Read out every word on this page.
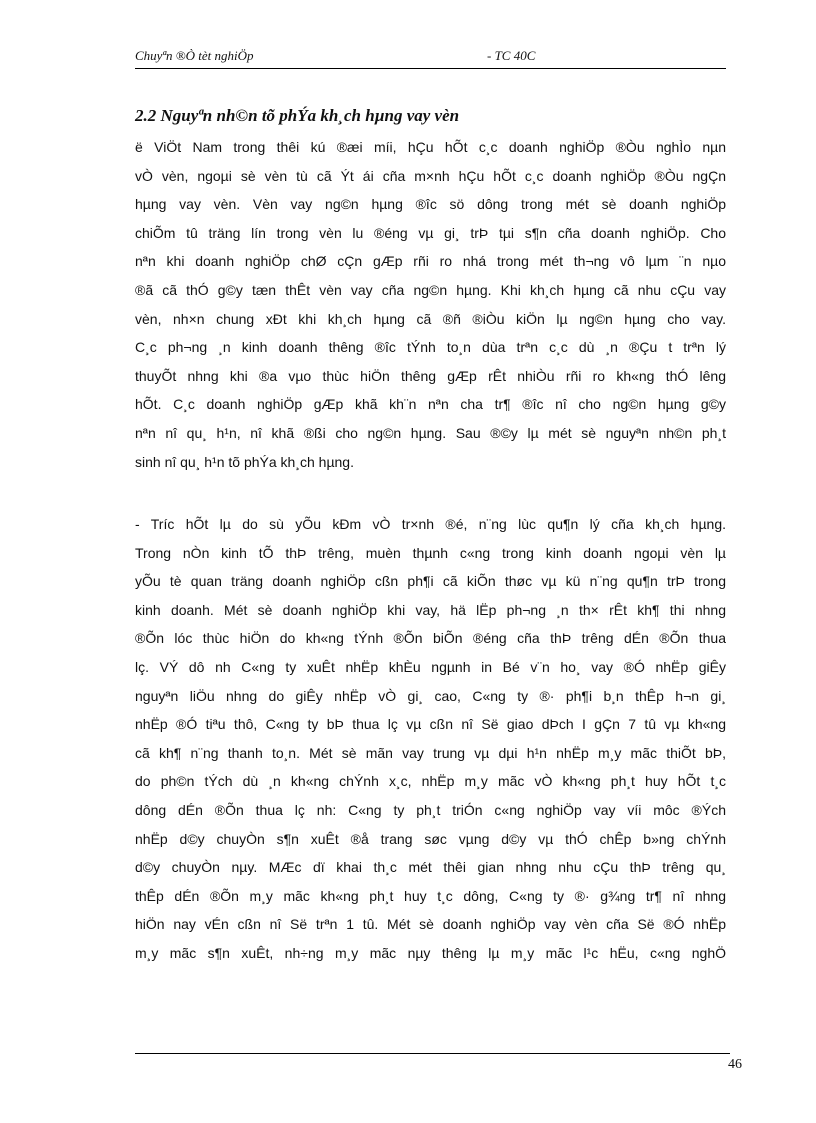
Chuyªn ®Ò tèt nghiÖp	- TC 40C
2.2 Nguyªn nh©n tõ phÝa kh¸ch hµng vay vèn

ë ViÖt Nam trong thêi kú ®æi míi, hÇu hÕt c¸c doanh nghiÖp ®Òu nghÌo nµn
vÒ vèn, ngoµi sè vèn tù cã Ýt ái cña m×nh hÇu hÕt c¸c doanh nghiÖp ®Òu ngÇn
hµng vay vèn. Vèn vay ng©n hµng ®îc sö dông trong mét sè doanh nghiÖp
chiÕm tû träng lín trong vèn lu ®éng vµ gi¸ trÞ tµi s¶n cña doanh nghiÖp. Cho
nªn khi doanh nghiÖp chØ cÇn gÆp rñi ro nhá trong mét th¬ng vô lµm ¨n nµo
®ã cã thÓ g©y tæn thÊt vèn vay cña ng©n hµng. Khi kh¸ch hµng cã nhu cÇu vay
vèn, nh×n chung xÐt khi kh¸ch hµng cã ®ñ ®iÒu kiÖn lµ ng©n hµng cho vay.
C¸c ph¬ng ¸n kinh doanh thêng ®îc tÝnh to¸n dùa trªn c¸c dù ¸n ®Çu t trªn lý
thuyÕt nhng khi ®a vµo thùc hiÖn thêng gÆp rÊt nhiÒu rñi ro kh«ng thÓ lêng
hÕt. C¸c doanh nghiÖp gÆp khã kh¨n nªn cha tr¶ ®îc nî cho ng©n hµng g©y
nªn nî qu¸ h¹n, nî khã ®ßi cho ng©n hµng. Sau ®©y lµ mét sè nguyªn nh©n ph¸t
sinh nî qu¸ h¹n tõ phÝa kh¸ch hµng.

- Tríc hÕt lµ do sù yÕu kÐm vÒ tr×nh ®é, n¨ng lùc qu¶n lý cña kh¸ch hµng.
Trong nÒn kinh tÕ thÞ trêng, muèn thµnh c«ng trong kinh doanh ngoµi vèn lµ
yÕu tè quan träng doanh nghiÖp cßn ph¶i cã kiÕn thøc vµ kü n¨ng qu¶n trÞ trong
kinh doanh. Mét sè doanh nghiÖp khi vay, hä lËp ph¬ng ¸n th× rÊt kh¶ thi nhng
®Õn lóc thùc hiÖn do kh«ng tÝnh ®Õn biÕn ®éng cña thÞ trêng dÉn ®Õn thua
lç. VÝ dô nh C«ng ty xuÊt nhËp khÈu ngµnh in Bé v¨n ho¸ vay ®Ó nhËp giÊy
nguyªn liÖu nhng do giÊy nhËp vÒ gi¸ cao, C«ng ty ®· ph¶i b¸n thÊp h¬n gi¸
nhËp ®Ó tiªu thô, C«ng ty bÞ thua lç vµ cßn nî Së giao dÞch I gÇn 7 tû vµ kh«ng
cã kh¶ n¨ng thanh to¸n. Mét sè mãn vay trung vµ dµi h¹n nhËp m¸y mãc thiÕt bÞ,
do ph©n tÝch dù ¸n kh«ng chÝnh x¸c, nhËp m¸y mãc vÒ kh«ng ph¸t huy hÕt t¸c
dông dÉn ®Õn thua lç nh: C«ng ty ph¸t triÓn c«ng nghiÖp vay víi môc ®Ých
nhËp d©y chuyÒn s¶n xuÊt ®å trang søc vµng d©y vµ thÓ chÊp b»ng chÝnh
d©y chuyÒn nµy. MÆc dï khai th¸c mét thêi gian nhng nhu cÇu thÞ trêng qu¸
thÊp dÉn ®Õn m¸y mãc kh«ng ph¸t huy t¸c dông, C«ng ty ®· g¾ng tr¶ nî nhng
hiÖn nay vÉn cßn nî Së trªn 1 tû. Mét sè doanh nghiÖp vay vèn cña Së ®Ó nhËp
m¸y mãc s¶n xuÊt, nh÷ng m¸y mãc nµy thêng lµ m¸y mãc l¹c hËu, c«ng nghÖ

46
